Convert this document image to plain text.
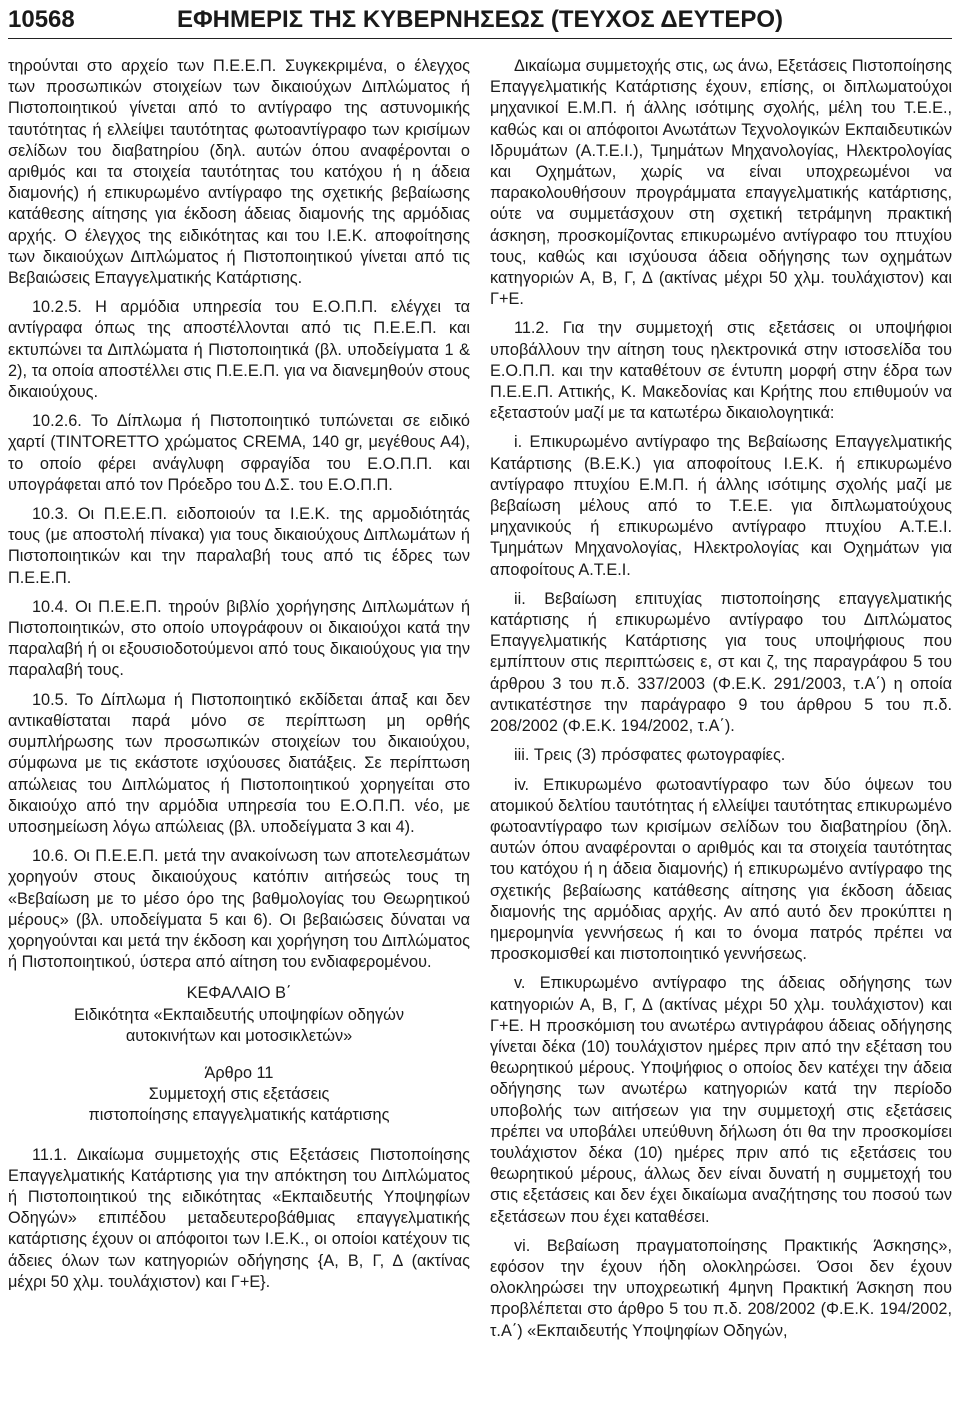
10568	ΕΦΗΜΕΡΙΣ ΤΗΣ ΚΥΒΕΡΝΗΣΕΩΣ (ΤΕΥΧΟΣ ΔΕΥΤΕΡΟ)

τηρούνται στο αρχείο των Π.Ε.Ε.Π. Συγκεκριμένα, ο έλεγχος των προσωπικών στοιχείων των δικαιούχων Διπλώματος ή Πιστοποιητικού γίνεται από το αντίγραφο της αστυνομικής ταυτότητας ή ελλείψει ταυτότητας φωτοαντίγραφο των κρισίμων σελίδων του διαβατηρίου (δηλ. αυτών όπου αναφέρονται ο αριθμός και τα στοιχεία ταυτότητας του κατόχου ή η άδεια διαμονής) ή επικυρωμένο αντίγραφο της σχετικής βεβαίωσης κατάθεσης αίτησης για έκδοση άδειας διαμονής της αρμόδιας αρχής. Ο έλεγχος της ειδικότητας και του Ι.Ε.Κ. αποφοίτησης των δικαιούχων Διπλώματος ή Πιστοποιητικού γίνεται από τις Βεβαιώσεις Επαγγελματικής Κατάρτισης.

10.2.5. Η αρμόδια υπηρεσία του Ε.Ο.Π.Π. ελέγχει τα αντίγραφα όπως της αποστέλλονται από τις Π.Ε.Ε.Π. και εκτυπώνει τα Διπλώματα ή Πιστοποιητικά (βλ. υποδείγματα 1 & 2), τα οποία αποστέλλει στις Π.Ε.Ε.Π. για να διανεμηθούν στους δικαιούχους.

10.2.6. Το Δίπλωμα ή Πιστοποιητικό τυπώνεται σε ειδικό χαρτί (TINTORETTO χρώματος CREMA, 140 gr, μεγέθους Α4), το οποίο φέρει ανάγλυφη σφραγίδα του Ε.Ο.Π.Π. και υπογράφεται από τον Πρόεδρο του Δ.Σ. του Ε.Ο.Π.Π.

10.3. Οι Π.Ε.Ε.Π. ειδοποιούν τα Ι.Ε.Κ. της αρμοδιότητάς τους (με αποστολή πίνακα) για τους δικαιούχους Διπλωμάτων ή Πιστοποιητικών και την παραλαβή τους από τις έδρες των Π.Ε.Ε.Π.

10.4. Οι Π.Ε.Ε.Π. τηρούν βιβλίο χορήγησης Διπλωμάτων ή Πιστοποιητικών, στο οποίο υπογράφουν οι δικαιούχοι κατά την παραλαβή ή οι εξουσιοδοτούμενοι από τους δικαιούχους για την παραλαβή τους.

10.5. Το Δίπλωμα ή Πιστοποιητικό εκδίδεται άπαξ και δεν αντικαθίσταται παρά μόνο σε περίπτωση μη ορθής συμπλήρωσης των προσωπικών στοιχείων του δικαιούχου, σύμφωνα με τις εκάστοτε ισχύουσες διατάξεις. Σε περίπτωση απώλειας του Διπλώματος ή Πιστοποιητικού χορηγείται στο δικαιούχο από την αρμόδια υπηρεσία του Ε.Ο.Π.Π. νέο, με υποσημείωση λόγω απώλειας (βλ. υποδείγματα 3 και 4).

10.6. Οι Π.Ε.Ε.Π. μετά την ανακοίνωση των αποτελεσμάτων χορηγούν στους δικαιούχους κατόπιν αιτήσεώς τους τη «Βεβαίωση με το μέσο όρο της βαθμολογίας του Θεωρητικού μέρους» (βλ. υποδείγματα 5 και 6). Οι βεβαιώσεις δύναται να χορηγούνται και μετά την έκδοση και χορήγηση του Διπλώματος ή Πιστοποιητικού, ύστερα από αίτηση του ενδιαφερομένου.

ΚΕΦΑΛΑΙΟ Β΄

Ειδικότητα «Εκπαιδευτής υποψηφίων οδηγών

αυτοκινήτων και μοτοσικλετών»

Άρθρο 11

Συμμετοχή στις εξετάσεις

πιστοποίησης επαγγελματικής κατάρτισης

11.1. Δικαίωμα συμμετοχής στις Εξετάσεις Πιστοποίησης Επαγγελματικής Κατάρτισης για την απόκτηση του Διπλώματος ή Πιστοποιητικού της ειδικότητας «Εκπαιδευτής Υποψηφίων Οδηγών» επιπέδου μεταδευτεροβάθμιας επαγγελματικής κατάρτισης έχουν οι απόφοιτοι των Ι.Ε.Κ., οι οποίοι κατέχουν τις άδειες όλων των κατηγοριών οδήγησης {Α, Β, Γ, Δ (ακτίνας μέχρι 50 χλμ. τουλάχιστον) και Γ+Ε}.

Δικαίωμα συμμετοχής στις, ως άνω, Εξετάσεις Πιστοποίησης Επαγγελματικής Κατάρτισης έχουν, επίσης, οι διπλωματούχοι μηχανικοί Ε.Μ.Π. ή άλλης ισότιμης σχολής, μέλη του Τ.Ε.Ε., καθώς και οι απόφοιτοι Ανωτάτων Τεχνολογικών Εκπαιδευτικών Ιδρυμάτων (Α.Τ.Ε.Ι.), Τμημάτων Μηχανολογίας, Ηλεκτρολογίας και Οχημάτων, χωρίς να είναι υποχρεωμένοι να παρακολουθήσουν προγράμματα επαγγελματικής κατάρτισης, ούτε να συμμετάσχουν στη σχετική τετράμηνη πρακτική άσκηση, προσκομίζοντας επικυρωμένο αντίγραφο του πτυχίου τους, καθώς και ισχύουσα άδεια οδήγησης των οχημάτων κατηγοριών Α, Β, Γ, Δ (ακτίνας μέχρι 50 χλμ. τουλάχιστον) και Γ+Ε.

11.2. Για την συμμετοχή στις εξετάσεις οι υποψήφιοι υποβάλλουν την αίτηση τους ηλεκτρονικά στην ιστοσελίδα του Ε.Ο.Π.Π. και την καταθέτουν σε έντυπη μορφή στην έδρα των Π.Ε.Ε.Π. Αττικής, Κ. Μακεδονίας και Κρήτης που επιθυμούν να εξεταστούν μαζί με τα κατωτέρω δικαιολογητικά:

i. Επικυρωμένο αντίγραφο της Βεβαίωσης Επαγγελματικής Κατάρτισης (Β.Ε.Κ.) για αποφοίτους Ι.Ε.Κ. ή επικυρωμένο αντίγραφο πτυχίου Ε.Μ.Π. ή άλλης ισότιμης σχολής μαζί με βεβαίωση μέλους από το Τ.Ε.Ε. για διπλωματούχους μηχανικούς ή επικυρωμένο αντίγραφο πτυχίου Α.Τ.Ε.Ι. Τμημάτων Μηχανολογίας, Ηλεκτρολογίας και Οχημάτων για αποφοίτους Α.Τ.Ε.Ι.

ii. Βεβαίωση επιτυχίας πιστοποίησης επαγγελματικής κατάρτισης ή επικυρωμένο αντίγραφο του Διπλώματος Επαγγελματικής Κατάρτισης για τους υποψήφιους που εμπίπτουν στις περιπτώσεις ε, στ και ζ, της παραγράφου 5 του άρθρου 3 του π.δ. 337/2003 (Φ.Ε.Κ. 291/2003, τ.Α΄) η οποία αντικατέστησε την παράγραφο 9 του άρθρου 5 του π.δ. 208/2002 (Φ.Ε.Κ. 194/2002, τ.Α΄).

iii. Τρεις (3) πρόσφατες φωτογραφίες.

iv. Επικυρωμένο φωτοαντίγραφο των δύο όψεων του ατομικού δελτίου ταυτότητας ή ελλείψει ταυτότητας επικυρωμένο φωτοαντίγραφο των κρισίμων σελίδων του διαβατηρίου (δηλ. αυτών όπου αναφέρονται ο αριθμός και τα στοιχεία ταυτότητας του κατόχου ή η άδεια διαμονής) ή επικυρωμένο αντίγραφο της σχετικής βεβαίωσης κατάθεσης αίτησης για έκδοση άδειας διαμονής της αρμόδιας αρχής. Αν από αυτό δεν προκύπτει η ημερομηνία γεννήσεως ή και το όνομα πατρός πρέπει να προσκομισθεί και πιστοποιητικό γεννήσεως.

v. Επικυρωμένο αντίγραφο της άδειας οδήγησης των κατηγοριών Α, Β, Γ, Δ (ακτίνας μέχρι 50 χλμ. τουλάχιστον) και Γ+Ε. Η προσκόμιση του ανωτέρω αντιγράφου άδειας οδήγησης γίνεται δέκα (10) τουλάχιστον ημέρες πριν από την εξέταση του θεωρητικού μέρους. Υποψήφιος ο οποίος δεν κατέχει την άδεια οδήγησης των ανωτέρω κατηγοριών κατά την περίοδο υποβολής των αιτήσεων για την συμμετοχή στις εξετάσεις πρέπει να υποβάλει υπεύθυνη δήλωση ότι θα την προσκομίσει τουλάχιστον δέκα (10) ημέρες πριν από τις εξετάσεις του θεωρητικού μέρους, άλλως δεν είναι δυνατή η συμμετοχή του στις εξετάσεις και δεν έχει δικαίωμα αναζήτησης του ποσού των εξετάσεων που έχει καταθέσει.

vi. Βεβαίωση πραγματοποίησης Πρακτικής Άσκησης», εφόσον την έχουν ήδη ολοκληρώσει. Όσοι δεν έχουν ολοκληρώσει την υποχρεωτική 4μηνη Πρακτική Άσκηση που προβλέπεται στο άρθρο 5 του π.δ. 208/2002 (Φ.Ε.Κ. 194/2002, τ.Α΄) «Εκπαιδευτής Υποψηφίων Οδηγών,
